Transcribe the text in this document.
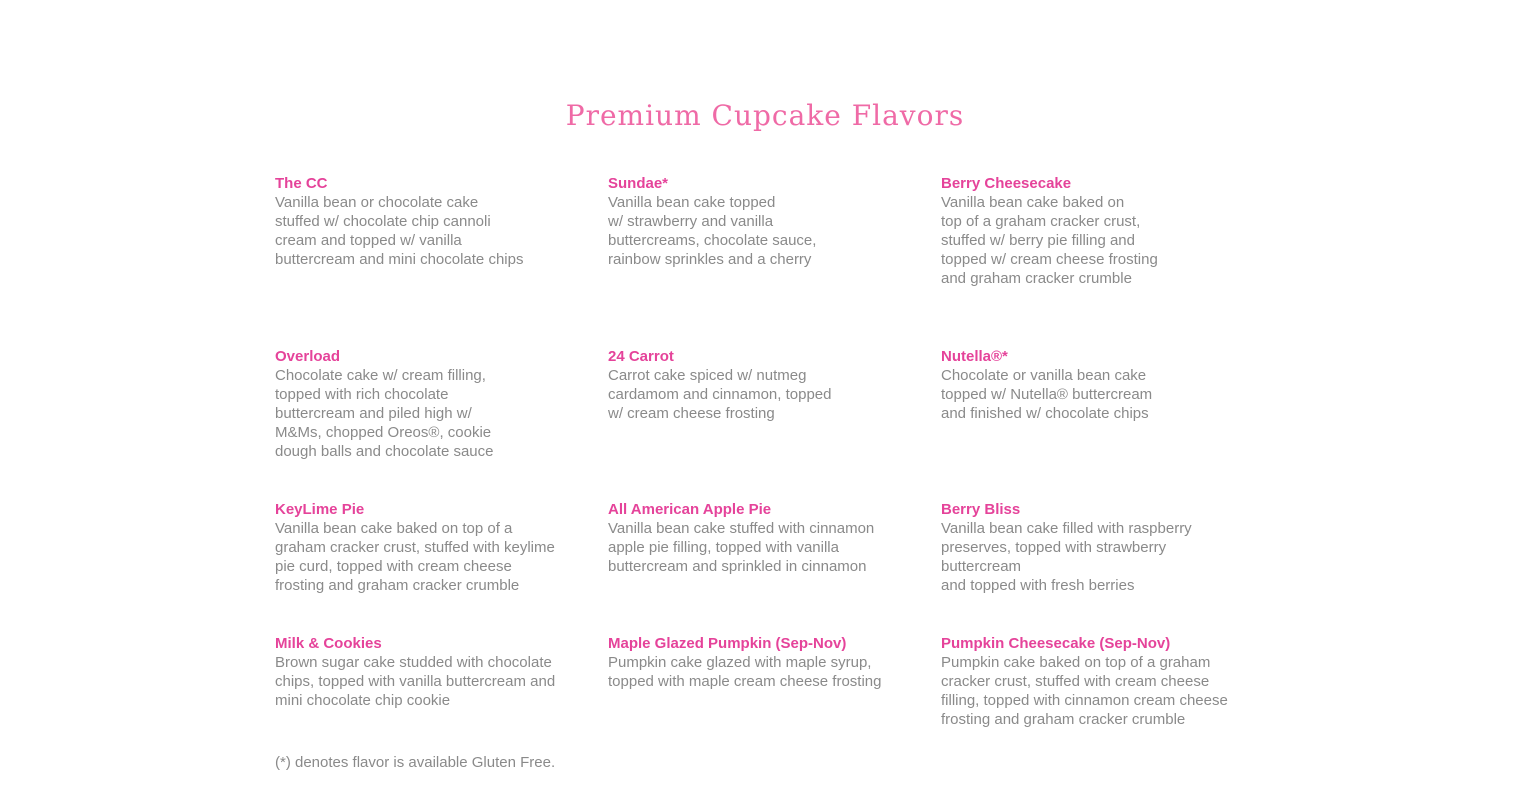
Premium Cupcake Flavors
The CC
Vanilla bean or chocolate cake
stuffed w/ chocolate chip cannoli
cream and topped w/ vanilla
buttercream and mini chocolate chips
Sundae*
Vanilla bean cake topped
w/ strawberry and vanilla
buttercreams, chocolate sauce,
rainbow sprinkles and a cherry
Berry Cheesecake
Vanilla bean cake baked on
top of a graham cracker crust,
stuffed w/ berry pie filling and
topped w/ cream cheese frosting
and graham cracker crumble
Overload
Chocolate cake w/ cream filling,
topped with rich chocolate
buttercream and piled high w/
M&Ms, chopped Oreos®, cookie
dough balls and chocolate sauce
24 Carrot
Carrot cake spiced w/ nutmeg
cardamom and cinnamon, topped
w/ cream cheese frosting
Nutella®*
Chocolate or vanilla bean cake
topped w/ Nutella® buttercream
and finished w/ chocolate chips
KeyLime Pie
Vanilla bean cake baked on top of a
graham cracker crust, stuffed with keylime
pie curd, topped with cream cheese
frosting and graham cracker crumble
All American Apple Pie
Vanilla bean cake stuffed with cinnamon
apple pie filling, topped with vanilla
buttercream and sprinkled in cinnamon
Berry Bliss
Vanilla bean cake filled with raspberry
preserves, topped with strawberry
buttercream
and topped with fresh berries
Milk & Cookies
Brown sugar cake studded with chocolate
chips, topped with vanilla buttercream and
mini chocolate chip cookie
Maple Glazed Pumpkin (Sep-Nov)
Pumpkin cake glazed with maple syrup,
topped with maple cream cheese frosting
Pumpkin Cheesecake (Sep-Nov)
Pumpkin cake baked on top of a graham
cracker crust, stuffed with cream cheese
filling, topped with cinnamon cream cheese
frosting and graham cracker crumble
(*) denotes flavor is available Gluten Free.
